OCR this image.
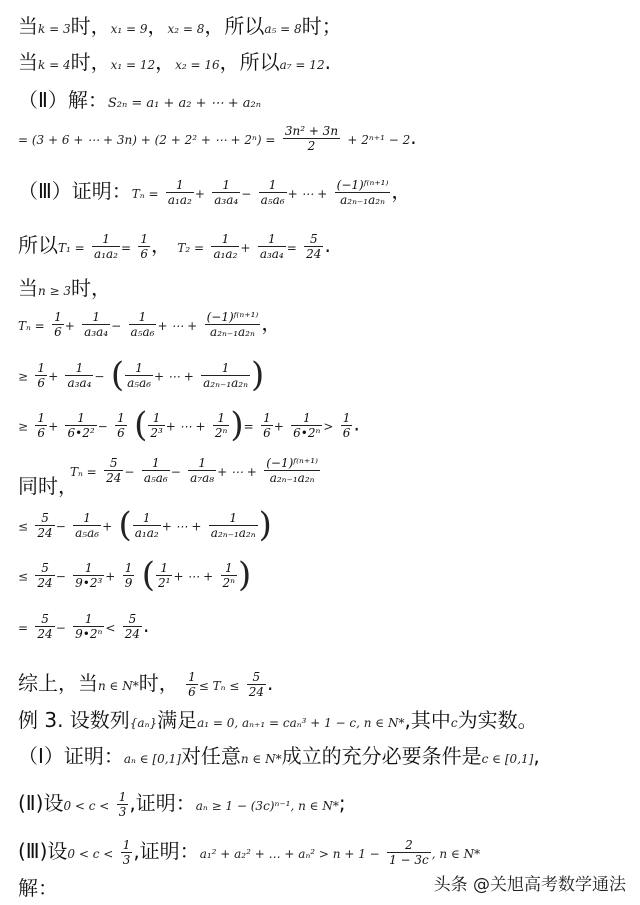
当k = 3时，x₁ = 9，x₂ = 8，所以a₅ = 8时；
当k = 4时，x₁ = 12，x₂ = 16，所以a₇ = 12.
（Ⅱ）解：S₂ₙ = a₁ + a₂ + ⋯ + a₂ₙ
= (3 + 6 + ⋯ + 3n) + (2 + 2² + ⋯ + $2^n) = \frac{\text{3n² + 3n}}{2} + 2^{n+1} - 2$.
（Ⅲ）证明：$T_n = \frac{1}{\text{a₁a₂}} + \frac{1}{\text{a₃a₄}} - \frac{1}{\text{a₅a₆}}$ + ⋯ + $\frac{\text{(−1)ᶠ⁽ⁿ⁺¹⁾}}{\text{a₂ₙ₋₁a₂ₙ}}$ ，
所以$T_1 = \frac{1}{\text{a₁a₂}} = \frac{1}{6}$ ， $T_2 = \frac{1}{\text{a₁a₂}} + \frac{1}{\text{a₃a₄}} = \frac{5}{24}$ .
当n ≥ 3时，
$T_n = \frac{1}{6} + \frac{1}{\text{a₃a₄}} - \frac{1}{\text{a₅a₆}}$ + ⋯ + $\frac{\text{(−1)ᶠ⁽ⁿ⁺¹⁾}}{\text{a₂ₙ₋₁a₂ₙ}}$ ，
≥ $\frac{1}{6} + \frac{1}{\text{a₃a₄}}$ − ( $\frac{1}{\text{a₅a₆}}$ + ⋯ + $\frac{1}{\text{a₂ₙ₋₁a₂ₙ}}$ )
≥ $\frac{1}{6} + \frac{1}{\text{6•2²}} - \frac{1}{6}$ ( $\frac{1}{\text{2³}}$ + ⋯ + $\frac{1}{\text{2ⁿ}}$ )= $\frac{1}{6} + \frac{1}{\text{6•2ⁿ}} > \frac{1}{6}$ .
$T_n = \frac{5}{24} - \frac{1}{\text{a₅a₆}} - \frac{1}{\text{a₇a₈}}$ + ⋯ + $\frac{\text{(−1)ᶠ⁽ⁿ⁺¹⁾}}{\text{a₂ₙ₋₁a₂ₙ}}$
同时，
≤ $\frac{5}{24} - \frac{1}{\text{a₅a₆}}$ + ( $\frac{1}{\text{a₁a₂}}$ + ⋯ + $\frac{1}{\text{a₂ₙ₋₁a₂ₙ}}$ )
≤ $\frac{5}{24} - \frac{1}{\text{9•2³}} + \frac{1}{9}$ ( $\frac{1}{\text{2¹}}$ + ⋯ + $\frac{1}{\text{2ⁿ}}$ )
= $\frac{5}{24} - \frac{1}{\text{9•2ⁿ}} < \frac{5}{24}$ .
综上，当n ∈ N*时， $\frac{1}{6} \le T_n \le \frac{5}{24}$ .
例 3. 设数列{aₙ}满足a₁ = 0, aₙ₊₁ = caₙ³ + 1 − c, n ∈ N*,其中c为实数。
（Ⅰ）证明：aₙ ∈ [0,1]对任意n ∈ N*成立的充分必要条件是c ∈ [0,1],
(Ⅱ)设$0 < c < \frac{1}{3}$ ,证明：aₙ ≥ 1 − (3c)ⁿ⁻¹, n ∈ N*;
(Ⅲ)设$0 < c < \frac{1}{3}$ ,证明：a₁² + a₂² + … + $a_n^2 > n + 1 - \frac{2}{1 - 3c}$ , n ∈ N*
解：	头条 @关旭高考数学通法
